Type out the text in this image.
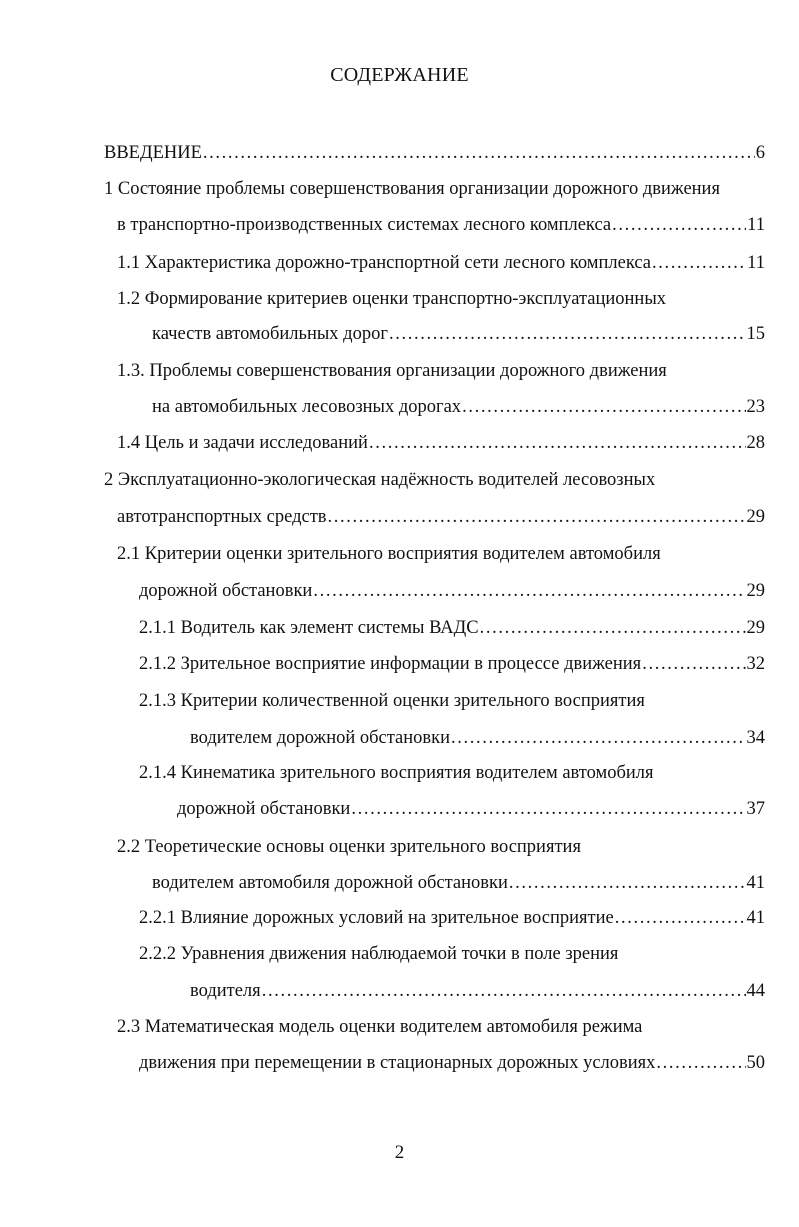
СОДЕРЖАНИЕ
ВВЕДЕНИЕ . . .	6
1 Состояние проблемы совершенствования организации дорожного движения
в транспортно-производственных системах лесного комплекса . . .	11
1.1 Характеристика дорожно-транспортной сети лесного комплекса . . .	11
1.2 Формирование критериев оценки транспортно-эксплуатационных
качеств автомобильных дорог . . .	15
1.3. Проблемы совершенствования организации дорожного движения
на автомобильных лесовозных дорогах . . .	23
1.4 Цель и задачи исследований . . .	28
2 Эксплуатационно-экологическая надёжность водителей лесовозных
автотранспортных средств . . .	29
2.1 Критерии оценки зрительного восприятия водителем автомобиля
дорожной обстановки . . .	29
2.1.1 Водитель как элемент системы ВАДС . . .	29
2.1.2 Зрительное восприятие информации в процессе движения . . .	32
2.1.3 Критерии количественной оценки зрительного восприятия
водителем дорожной обстановки . . .	34
2.1.4 Кинематика зрительного восприятия водителем автомобиля
дорожной обстановки . . .	37
2.2 Теоретические основы оценки зрительного восприятия
водителем автомобиля дорожной обстановки . . .	41
2.2.1 Влияние дорожных условий на зрительное восприятие . . .	41
2.2.2 Уравнения движения наблюдаемой точки в поле зрения
водителя . . .	44
2.3 Математическая модель оценки водителем автомобиля режима
движения при перемещении в стационарных дорожных условиях . . .	50
2
